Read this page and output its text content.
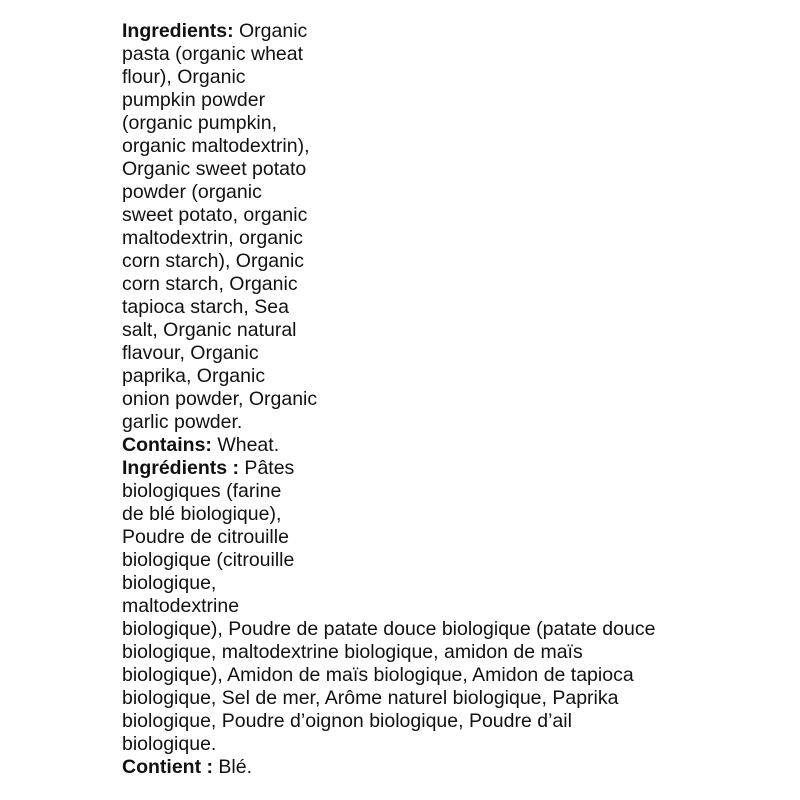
Ingredients: Organic
pasta (organic wheat
flour), Organic
pumpkin powder
(organic pumpkin,
organic maltodextrin),
Organic sweet potato
powder (organic
sweet potato, organic
maltodextrin, organic
corn starch), Organic
corn starch, Organic
tapioca starch, Sea
salt, Organic natural
flavour, Organic
paprika, Organic
onion powder, Organic
garlic powder.
Contains: Wheat.
Ingrédients : Pâtes
biologiques (farine
de blé biologique),
Poudre de citrouille
biologique (citrouille
biologique,
maltodextrine
biologique), Poudre de patate douce biologique (patate douce
biologique, maltodextrine biologique, amidon de maïs
biologique), Amidon de maïs biologique, Amidon de tapioca
biologique, Sel de mer, Arôme naturel biologique, Paprika
biologique, Poudre d’oignon biologique, Poudre d’ail
biologique.
Contient : Blé.
